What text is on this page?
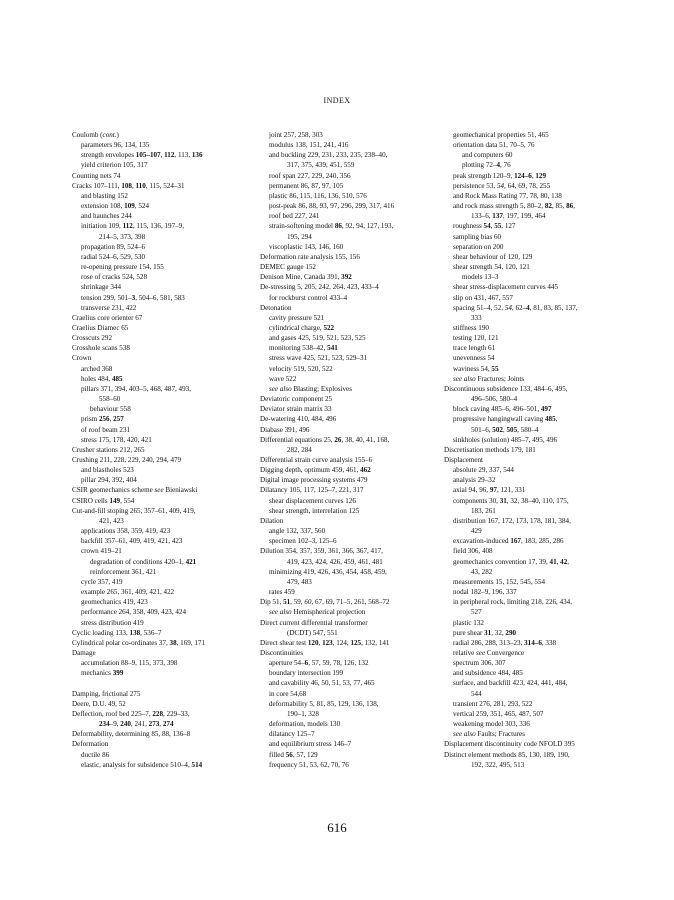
INDEX
Coulomb (cont.)
parameters 96, 134, 135
strength envelopes 105–107, 112, 113, 136
yield criterion 105, 317
Counting nets 74
Cracks 107–111, 108, 110, 115, 524–31
and blasting 152
extension 108, 109, 524
and haunches 244
initiation 109, 112, 115, 136, 197–9,
214–5, 373, 398
propagation 89, 524–6
radial 524–6, 529, 530
re-opening pressure 154, 155
rose of cracks 524, 528
shrinkage 344
tension 299, 501–3, 504–6, 581, 583
transverse 231, 422
Craelius core orienter 67
Craelius Diamec 65
Crosscuts 292
Crosshole scans 538
Crown
arched 368
holes 484, 485
pillars 371, 394, 403–5, 468, 487, 493,
558–60
behaviour 558
prism 256, 257
of roof beam 231
stress 175, 178, 420, 421
Crusher stations 212, 265
Crushing 211, 228, 229, 240, 294, 479
and blastholes 523
pillar 294, 392, 404
CSIR geomechanics scheme see Bieniawski
CSIRO cells 149, 554
Cut-and-fill stoping 265, 357–61, 409, 419,
421, 423
applications 358, 359, 419, 423
backfill 357–61, 409, 419, 421, 423
crown 419–21
degradation of conditions 420–1, 421
reinforcement 361, 421
cycle 357, 419
example 265, 361, 409, 421, 422
geomechanics 419, 423
performance 264, 358, 409, 423, 424
stress distribution 419
Cyclic loading 133, 138, 536–7
Cylindrical polar co-ordinates 37, 38, 169, 171
Damage
accumulation 88–9, 115, 373, 398
mechanics 399
Damping, frictional 275
Deere, D.U. 49, 52
Deflection, roof bed 225–7, 228, 229–33,
234–9, 240, 241, 273, 274
Deformability, determining 85, 88, 136–8
Deformation
ductile 86
elastic, analysis for subsidence 510–4, 514
joint 257, 258, 303
modulus 138, 151, 241, 416
and buckling 229, 231, 233, 235, 238–40,
317, 375, 439, 451, 559
roof span 227, 229, 240, 356
permanent 86, 87, 97, 105
plastic 86, 115, 116, 136, 510, 576
post-peak 86, 88, 93, 97, 296, 299, 317, 416
roof bed 227, 241
strain-softening model 86, 92, 94, 127, 193,
195, 294
viscoplastic 143, 146, 160
Deformation rate analysis 155, 156
DEMEC gauge 152
Denison Mine, Canada 391, 392
De-stressing 5, 205, 242, 264, 423, 433–4
for rockburst control 433–4
Detonation
cavity pressure 521
cylindrical charge, 522
and gases 425, 519, 521, 523, 525
monitoring 538–42, 541
stress wave 425, 521, 523, 529–31
velocity 519, 520, 522
wave 522
see also Blasting; Explosives
Deviatoric component 25
Deviator strain matrix 33
De-watering 410, 484, 496
Diabase 391, 496
Differential equations 25, 26, 38, 40, 41, 168,
282, 284
Differential strain curve analysis 155–6
Digging depth, optimum 459, 461, 462
Digital image processing systems 479
Dilatancy 105, 117, 125–7, 221, 317
shear displacement curves 126
shear strength, interrelation 125
Dilation
angle 132, 337, 560
specimen 102–3, 125–6
Dilution 354, 357, 359, 361, 366, 367, 417,
419, 423, 424, 426, 459, 461, 481
minimizing 419, 426, 436, 454, 458, 459,
479, 483
rates 459
Dip 51, 51, 59, 60, 67, 69, 71–5, 261, 568–72
see also Hemispherical projection
Direct current differential transformer
(DCDT) 547, 551
Direct shear test 120, 123, 124, 125, 132, 141
Discontinuities
aperture 54–6, 57, 59, 78, 126, 132
boundary intersection 199
and cavability 46, 50, 51, 53, 77, 465
in core 54,68
deformability 5, 81, 85, 129, 136, 138,
190–1, 328
deformation, models 130
dilatancy 125–7
and equilibrium stress 146–7
filled 56, 57, 129
frequency 51, 53, 62, 70, 76
geomechanical properties 51, 465
orientation data 51, 70–5, 76
and computers 60
plotting 72–4, 76
peak strength 120–9, 124–6, 129
persistence 53, 54, 64, 69, 78, 255
and Rock Mass Rating 77, 78, 80, 138
and rock mass strength 5, 80–2, 82, 85, 86,
133–6, 137, 197, 199, 464
roughness 54, 55, 127
sampling bias 60
separation on 200
shear behaviour of 120, 129
shear strength 54, 120, 121
models 13–3
shear stress-displacement curves 445
slip on 431, 467, 557
spacing 51–4, 52, 54, 62–4, 81, 83, 85, 137,
333
stiffness 190
testing 120, 121
trace length 61
unevenness 54
waviness 54, 55
see also Fractures; Joints
Discontinuous subsidence 133, 484–6, 495,
496–506, 580–4
block caving 485–6, 496–501, 497
progressive hangingwall caving 485,
501–6, 502, 505, 580–4
sinkholes (solution) 485–7, 495, 496
Discretisation methods 179, 181
Displacement
absolute 29, 337, 544
analysis 29–32
axial 94, 96, 97, 121, 331
components 30, 31, 32, 38–40, 110, 175,
183, 261
distribution 167, 172, 173, 178, 181, 384,
429
excavation-induced 167, 183, 285, 286
field 306, 408
geomechanics convention 17, 39, 41, 42,
43, 282
measurements 15, 152, 545, 554
nodal 182–9, 196, 337
in peripheral rock, limiting 218, 226, 434,
527
plastic 132
pure shear 31, 32, 290
radial 286, 288, 313–23, 314–6, 338
relative see Convergence
spectrum 306, 307
and subsidence 484, 485
surface, and backfill 423, 424, 441, 484,
544
transient 276, 281, 293, 522
vertical 259, 351, 465, 487, 507
weakening model 303, 336
see also Faults; Fractures
Displacement discontinuity code NFOLD 395
Distinct element methods 85, 130, 189, 190,
192, 322, 495, 513
616
